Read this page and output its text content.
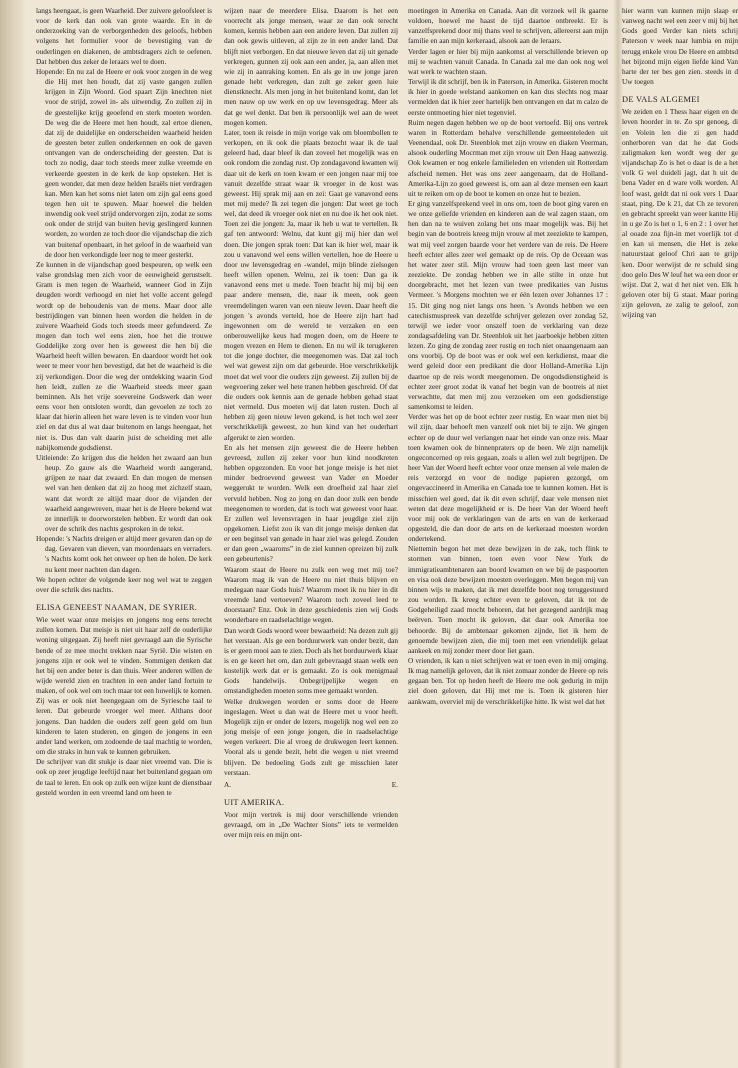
langs heengaat, is geen Waarheid. Der zuivere geloofsleer is voor de kerk dan ook van grote waarde. En in de onderzoeking van de verborgenheden des geloofs, hebben volgens het formulier voor de bevestiging van de ouderlingen en diakenen, de ambtsdragers zich te oefenen. Dat hebben dus zeker de leraars wel te doen.

Hopende: En nu zal de Heere er ook voor zorgen in de weg die Hij met hen houdt, dat zij vaste gangen zullen krijgen in Zijn Woord. God spaart Zijn knechten niet voor de strijd, zowel in- als uitwendig. Zo zullen zij in de geestelijke krijg geoefend en sterk moeten worden. De weg die de Heere met hen houdt, zal ertoe dienen, dat zij de duidelijke en onderscheiden waarheid heiden de geesten beter zullen onderkennen en ook de gaven ontvangen van de onderscheiding der geesten. Dat is toch zo nodig, daar toch steeds meer zulke vreemde en verkeerde geesten in de kerk de kop opsteken. Het is geen wonder, dat men deze helden Israëls niet verdragen kan. Men kan het soms niet laten om zijn gal eens goed tegen hen uit te spuwen. Maar hoewel die helden inwendig ook veel strijd ondervorgen zijn, zodat ze soms ook onder de strijd van buiten hevig geslingerd kunnen worden, zo worden ze toch door die vijandschap die zich van buitenaf openbaart, in het geloof in de waarheid van de door hen verkondigde leer nog te meer gesterkt.

Ze kunnen in de vijandschap goed bespeuren, op welk een valse grondslag men zich voor de eeuwigheid gerustselt. Gram is men tegen de Waarheid, wanneer God in Zijn deugden wordt verhoogd en niet het volle accent gelegd wordt op de behoudenis van de mens. Maar door alle bestrijdingen van binnen heen worden die helden in de zuivere Waarheid Gods toch steeds meer gefundeerd. Ze mogen dan toch wel eens zien, hoe het die trouwe Goddelijke zorg over hen is geweest die hen bij die Waarheid heeft willen bewaren. En daardoor wordt het ook weer te meer voor hen bevestigd, dat het de waarheid is die zij verkondigen. Door die weg der ontdekking waarin God hen leidt, zullen ze die Waarheid steeds meer gaan beminnen. Als het vrije soevereine Godswerk dan weer eens voor hen ontsloten wordt, dan gevoelen ze toch zo klaar dat hierin alleen het ware leven is te vinden voor hun ziel en dat dus al wat daar buitenom en langs heengaat, het niet is. Dus dan valt daarin juist de scheiding met alle nabijkomende godsdienst.

Uitleiende: Zo krijgen dus die helden het zwaard aan hun heup. Zo gauw als die Waarheid wordt aangerand, grijpen ze naar dat zwaard. En dan mogen de mensen wel van hen denken dat zij zo hoog met zichzelf staan, want dat wordt ze altijd maar door de vijanden der waarheid aangewreven, maar het is de Heere bekend wat ze innerlijk te doorworstelen hebben. Er wordt dan ook over de schrik des nachts gesproken in de tekst.

Hopende: 's Nachts dreigen er altijd meer gevaren dan op de dag. Gevaren van dieven, van moordenaars en verraders. 's Nachts komt ook het onweer op hen de holen. De kerk nu kent meer nachten dan dagen.

We hopen echter de volgende keer nog wel wat te zeggen over die schrik des nachts.

ELISA GENEEST NAAMAN, DE SYRIER.

Wie weet waar onze meisjes en jongens nog eens terecht zullen komen. Dat meisje is niet uit haar zelf de ouderlijke woning uitgegaan. Zij heeft niet gevraagd aan die Syrische bende of ze mee mocht trekken naar Syrië. Die wisten en jongens zijn er ook wel te vinden. Sommigen denken dat het bij een ander beter is dan thuis. Weer anderen willen de wijde wereld zien en trachten in een ander land fortuin te maken, of ook wel om toch maar tot een huwelijk te komen. Zij was er ook niet heengegaan om de Syriesche taal te leren. Dat gebeurde vroeger wel meer. Althans door jongens. Dan hadden die ouders zelf geen geld om hun kinderen te laten studeren, en gingen de jongens in een ander land werken, om zodoende de taal machtig te worden, om die straks in hun vak te kunnen gebruiken.

De schrijver van dit stukje is daar niet vreemd van. Die is ook op zeer jeugdige leeftijd naar het buitenland gegaan om de taal te leren. En ook op zulk een wijze kunt de dienstbaar gesteld worden in een vreemd land om heen te

wijzen naar de meerdere Elisa. Daarom is het een voorrecht als jonge mensen, waar ze dan ook terecht komen, kennis hebben aan een andere leven. Dat zullen zij dan ook gewis uitleven, al zijn ze in een ander land. Dat blijft niet verborgen. En dat nieuwe leven dat zij uit genade verkregen, gunnen zij ook aan een ander, ja, aan allen met wie zij in aanraking komen. En als ge in uw jonge jaren genade hebt verkregen, dan zult ge zeker geen luie dienstknecht. Als men jong in het buitenland komt, dan let men nauw op uw werk en op uw levensgedrag. Meer als dat ge wel denkt. Dat ben ik persoonlijk wel aan de weet mogen komen.

Later, toen ik reisde in mijn vorige vak om bloembollen te verkopen, en ik ook die plaats bezocht waar ik de taal geleerd had, daar bleef ik dan zoveel het mogelijk was en ook rondom die zondag rust. Op zondagavond kwamen wij daar uit de kerk en toen kwam er een jongen naar mij toe vanuit dezelfde straat waar ik vroeger in de kost was geweest. Hij sprak mij aan en zei: Gaat ge vanavond eens met mij mede? Ik zei tegen die jongen: Dat weet ge toch wel, dat deed ik vroeger ook niet en nu doe ik het ook niet. Toen zei die jongen: Ja, maar ik heb u wat te vertellen. Ik gaf ten antwoord: Welnu, dat kunt gij mij hier dan wel doen. Die jongen sprak toen: Dat kan ik hier wel, maar ik zou u vanavond wel eens willen vertellen, hoe de Heere u door uw levensgedrag en -wandel, mijn blinde zielsogen heeft willen openen. Welnu, zei ik toen: Dan ga ik vanavond eens met u mede. Toen bracht hij mij bij een paar andere mensen, die, naar ik meen, ook geen vreemdelingen waren van een nieuw leven. Daar heeft die jongen 's avonds verteld, hoe de Heere zijn hart had ingewonnen om de wereld te verzaken en een onberouwelijke keus had mogen doen, om de Heere te mogen vrezen en Hem te dienen. En nu wil ik terugkeren tot die jonge dochter, die meegenomen was. Dat zal toch wel wat gewest zijn om dat gebeurde. Hoe verschrikkelijk moet dat wel voor die ouders zijn geweest. Zij zullen bij de wegvoering zeker wel hete tranen hebben geschreid. Of dat die ouders ook kennis aan de genade hebben gehad staat niet vermeld. Dus moeten wij dat laten rusten. Doch al hebben zij geen nieuw leven gekend, is het toch wel zeer verschrikkelijk geweest, zo hun kind van het ouderhart afgerukt te zien worden.

En als het mensen zijn geweest die de Heere hebben gevreesd, zullen zij zeker voor hun kind noodkreten hebben opgezonden. En voor het jonge meisje is het niet minder bedroevend geweest van Vader en Moeder weggerukt te worden. Welk een droefheid zal haar ziel vervuld hebben. Nog zo jong en dan door zulk een bende meegenomen te worden, dat is toch wat geweest voor haar. Er zullen wel levensvragen in haar jeugdige ziel zijn opgekomen. Liefst zou ik van dit jonge meisje denken dat er een beginsel van genade in haar ziel was gelegd. Zouden er dan geen „waaroms” in de ziel kunnen opreizen bij zulk een gebeurtenis?

Waarom staat de Heere nu zulk een weg met mij toe? Waarom mag ik van de Heere nu niet thuis blijven en medegaan naar Gods huis? Waarom moet ik nu hier in dit vreemde land vertoeven? Waarom toch zoveel leed te doorstaan? Enz. Ook in deze geschiedenis zien wij Gods wonderbare en raadselachtige wegen.

Dan wordt Gods woord weer bewaarheid: Na dezen zult gij het verstaan. Als ge een borduurwerk van onder bezit, dan is er geen mooi aan te zien. Doch als het borduurwerk klaar is en ge keert het om, dan zult gebevraagd staan welk een kostelijk werk dat er is gemaakt. Zo is ook menigmaal Gods handelwijs. Onbegrijpelijke wegen en omstandigheden moeten soms mee gemaakt worden.

Welke drukwegen worden er soms door de Heere ingeslagen. Weet u dan wat de Heere met u voor heeft. Mogelijk zijn er onder de lezers, mogelijk nog wel een zo jong meisje of een jonge jongen, die in raadselachtige wegen verkeert. Die al vroeg de drukwegen leert kennen. Vooral als u gende bezit, hebt die wegen u niet vreemd blijven. De bedoeling Gods zult ge misschien later verstaan.

A.	E.
UIT AMERIKA.

Voor mijn vertrek is mij door verschillende vrienden gevraagd, om in „De Wachter Sions” iets te vermelden over mijn reis en mijn ont-

moetingen in Amerika en Canada. Aan dit verzoek wil ik gaarne voldoen, hoewel me haast de tijd daartoe ontbreekt. Er is vanzelfsprekend door mij thans veel te schrijven, allereerst aan mijn familie en aan mijn kerkeraad, alsook aan de leraars.

Verder lagen er hier bij mijn aankomst al verschillende brieven op mij te wachten vanuit Canada. In Canada zal me dan ook nog wel wat werk te wachten staan.

Terwijl ik dit schrijf, ben ik in Paterson, in Amerika. Gisteren mocht ik hier in goede welstand aankomen en kan dus slechts nog maar vermelden dat ik hier zeer hartelijk ben ontvangen en dat m calzo de eerste ontmoeting hier niet tegenviel.

Ruim negen dagen hebben we op de boot vertoefd. Bij ons vertrek waren in Rotterdam behalve verschillende gemeenteleden uit Veenendaal, ook Dr. Steenblok met zijn vrouw en diaken Veerman, alsook ouderling Mocrman met zijn vrouw uit Den Haag aanwezig. Ook kwamen er nog enkele familieleden en vrienden uit Rotterdam afscheid nemen. Het was ons zeer aangenaam, dat de Holland-Amerika-Lijn zo goed geweest is, om aan al deze mensen een kaart uit te reiken om op de boot te komen en onze hut te bezien.

Er ging vanzelfsprekend veel in ons om, toen de boot ging varen en we onze geliefde vrienden en kinderen aan de wal zagen staan, om hen dan na te wuiven zolang het ons maar mogelijk was. Bij het begin van de bootreis kreeg mijn vrouw al met zeeziekte te kampen, wat mij veel zorgen baarde voor het verdere van de reis. De Heere heeft echter alles zeer wel gemaakt op de reis. Op de Oceaan was het water zeer stil. Mijn vrouw had toen geen last meer van zeeziekte. De zondag hebben we in alle stilte in onze hut doorgebracht, met het lezen van twee predikaties van Justus Vermeer. 's Morgens mochten we er één lezen over Johannes 17 : 15. Dit ging nog niet langs ons heen. 's Avonds hebben we een catechismuspreek van dezelfde schrijver gelezen over zondag 52, terwijl we ieder voor onszelf toen de verklaring van deze zondagsafdeling van Dr. Steenblok uit het jaarboekje hebben zitten lezen. Zo ging de zondag zeer rustig en toch niet onaangenaam aan ons voorbij. Op de boot was er ook wel een kerkdienst, maar die werd geleid door een predikant die door Holland-Amerika Lijn daartoe op de reis wordt meegenomen. De ongodsdienstigheid is echter zeer groot zodat ik vanaf het begin van de bootreis al niet verwachtte, dat men mij zou verzoeken om een godsdienstige samenkomst te leiden.

Verder was het op de boot echter zeer rustig. En waar men niet bij wil zijn, daar behoeft men vanzelf ook niet bij te zijn. We gingen echter op de duur wel verlangen naar het einde van onze reis. Maar toen kwamen ook de binnenpraters op de been. We zijn namelijk ongeconcerned op reis gegaan, zoals u allen wel zult begrijpen. De heer Van der Woerd heeft echter voor onze mensen al vele malen de reis verzorgd en voor de nodige papieren gezorgd, om ongevaccineerd in Amerika en Canada toe te kunnen komen. Het is misschien wel goed, dat ik dit even schrijf, daar vele mensen niet weten dat deze mogelijkheid er is. De heer Van der Woerd heeft voor mij ook de verklaringen van de arts en van de kerkeraad opgesteld, die dan door de arts en de kerkeraad moesten worden ondertekend.

Niettemin begon het met deze bewijzen in de zak, toch flink te stormen van binnen, toen even voor New York de immigratieambtenaren aan boord kwamen en we bij de paspoorten en visa ook deze bewijzen moesten overleggen. Men begon mij van binnen wijs te maken, dat ik met dezelfde boot nog teruggestuurd zou worden. Ik kreeg echter even te geloven, dat ik tot de Godgeheiligd zaad mocht behoren, dat het gezegend aardrijk mag beërven. Toen mocht ik geloven, dat daar ook Amerika toe behoorde. Bij de ambtenaar gekomen zijnde, liet ik hem de genoemde bewijzen zien, die mij toen met een vriendelijk gelaat aankeek en mij zonder meer door liet gaan.

O vrienden, ik kan u niet schrijven wat er toen even in mij omging. Ik mag namelijk geloven, dat ik niet zomaar zonder de Heere op reis gegaan ben. Tot op heden heeft de Heere me ook gedurig in mijn ziel doen geloven, dat Hij met me is. Toen ik gisteren hier aankwam, overviel mij de verschrikkelijke hitte. Ik wist wel dat het

hier warm van kunnen mijn slaap er vanweg nacht wel een zeer v mij bij het Gods goed Verder kan niets schrij Paterson v week naar lumbia en mijn terugg enkele vrou De Heere en ambtsd het bijzond mijn eigen liefde kind Van harte der ter bes gen zien. steeds in d Uw toegen

DE VALS ALGEMEI

We zeiden en 1 Thess haar eigen en de leven hoorder in te. Zo spr genoeg, di en Volein len die zi gen hadd onherboren van dat he dat Gods zaligmaken ken wordt weg der ge vijandschap Zo is het o daar is de a het volk G wel duideli jagt, dat h uit de bena Vader en d ware volk worden. Al loof wast, geldt dat ni ook vers 1 Daar staat, ping. De k 21, dat Ch ze tevoren en gebracht spreekt van weer kantte Hij in u ge Zo is het o 1, 6 en 2 : 1 over het al ooade zoa fijn-in met voerlijk tot d en kan ui mensen, die Het is zeke natuurstaat geloof Chri aan te grijp ken. Door werwijst de re schuld sing doo gelo Des W leuf het wa een door er wijst. Dat 2, wat d het niet ven. Elk h geloven oter bij G staat. Maar poring zijn geloven, ze zalig te geloof, zon wijzing van
